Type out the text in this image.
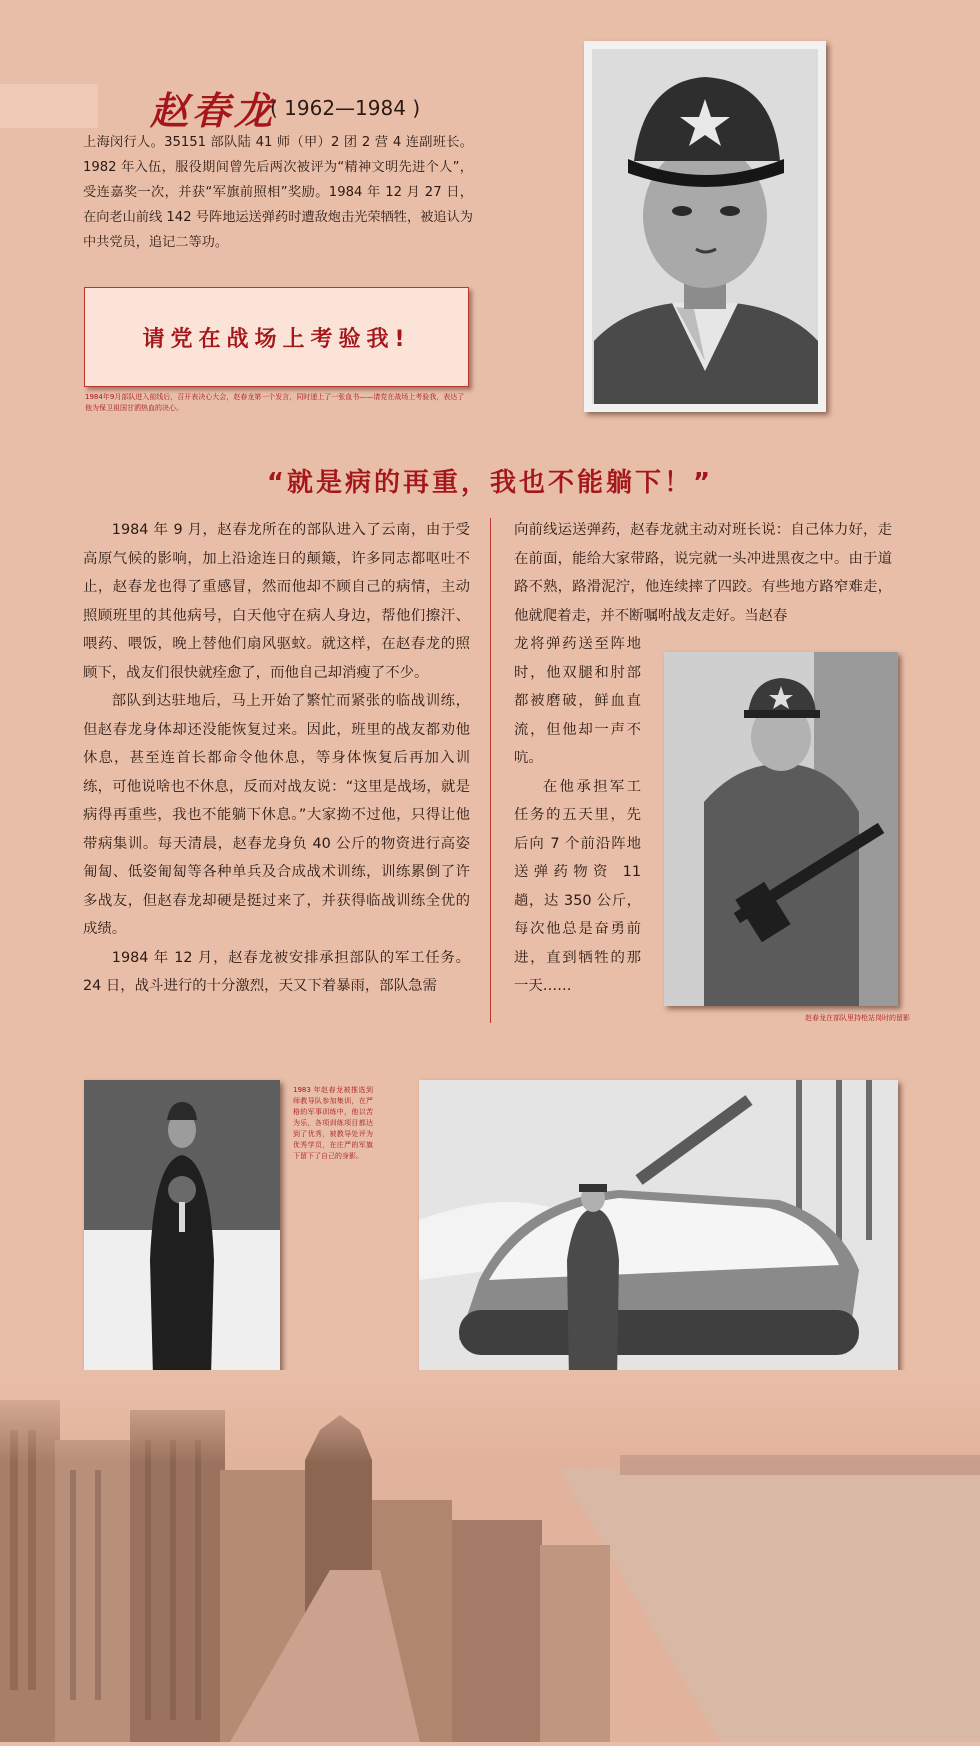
赵春龙
( 1962—1984 )
上海闵行人。35151 部队陆 41 师（甲）2 团 2 营 4 连副班长。1982 年入伍，服役期间曾先后两次被评为“精神文明先进个人”，受连嘉奖一次，并获“军旗前照相”奖励。1984 年 12 月 27 日，在向老山前线 142 号阵地运送弹药时遭敌炮击光荣牺牲，被追认为中共党员，追记二等功。
请党在战场上考验我!
1984年9月部队进入前线后，召开表决心大会，赵春龙第一个发言，同时递上了一张血书——请党在战场上考验我，表达了他为保卫祖国甘洒热血的决心。
“就是病的再重，我也不能躺下！”

1984 年 9 月，赵春龙所在的部队进入了云南，由于受高原气候的影响，加上沿途连日的颠簸，许多同志都呕吐不止，赵春龙也得了重感冒，然而他却不顾自己的病情，主动照顾班里的其他病号，白天他守在病人身边，帮他们擦汗、喂药、喂饭，晚上替他们扇风驱蚊。就这样，在赵春龙的照顾下，战友们很快就痊愈了，而他自己却消瘦了不少。

部队到达驻地后，马上开始了繁忙而紧张的临战训练，但赵春龙身体却还没能恢复过来。因此，班里的战友都劝他休息，甚至连首长都命令他休息，等身体恢复后再加入训练，可他说啥也不休息，反而对战友说：“这里是战场，就是病得再重些，我也不能躺下休息。”大家拗不过他，只得让他带病集训。每天清晨，赵春龙身负 40 公斤的物资进行高姿匍匐、低姿匍匐等各种单兵及合成战术训练，训练累倒了许多战友，但赵春龙却硬是挺过来了，并获得临战训练全优的成绩。

1984 年 12 月，赵春龙被安排承担部队的军工任务。24 日，战斗进行的十分激烈，天又下着暴雨，部队急需

向前线运送弹药，赵春龙就主动对班长说：自己体力好，走在前面，能给大家带路，说完就一头冲进黑夜之中。由于道路不熟，路滑泥泞，他连续摔了四跤。有些地方路窄难走，他就爬着走，并不断嘱咐战友走好。当赵春

龙将弹药送至阵地时，他双腿和肘部都被磨破，鲜血直流，但他却一声不吭。

在他承担军工任务的五天里，先后向 7 个前沿阵地送弹药物资 11 趟，达 350 公斤，每次他总是奋勇前进，直到牺牲的那一天……

赵春龙在部队里持枪站岗时的留影
1983 年赵春龙被推选到师教导队参加集训，在严格的军事训练中，他以苦为乐，各项训练项目都达到了优秀，被教导处评为优秀学员，在庄严的军旗下留下了自己的身影。
